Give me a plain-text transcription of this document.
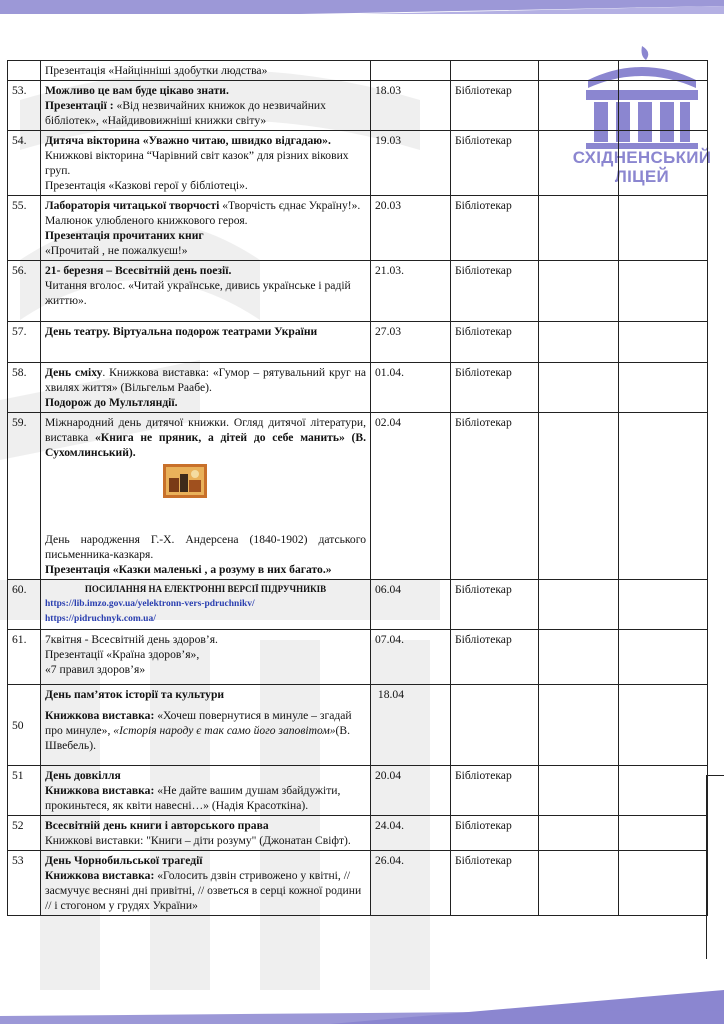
СХІДНЕНСЬКИЙ
ЛІЦЕЙ
	Презентація «Найцінніші здобутки людства»				
53.	Можливо це вам буде цікаво знати.
Презентації : «Від незвичайних книжок до незвичайних бібліотек», «Найдивовижніші книжки світу»	18.03	Бібліотекар		
54.	Дитяча вікторина «Уважно читаю, швидко відгадаю». Книжкові вікторина “Чарівний світ казок” для різних вікових груп.
Презентація «Казкові герої у бібліотеці».	19.03	Бібліотекар		
55.	Лабораторія читацької творчості «Творчість єднає Україну!». Малюнок улюбленого книжкового героя.
Презентація прочитаних книг
«Прочитай , не пожалкуєш!»	20.03	Бібліотекар		
56.	21- березня – Всесвітній день поезії.
Читання вголос. «Читай українське, дивись українське і радій життю».	21.03.	Бібліотекар		
57.	День театру. Віртуальна подорож театрами України	27.03	Бібліотекар		
58.	День сміху. Книжкова виставка: «Гумор – рятувальний круг на хвилях життя» (Вільгельм Раабе).
Подорож до Мультляндії.	01.04.	Бібліотекар		
59.	Міжнародний день дитячої книжки. Огляд дитячої літератури, виставка «Книга не пряник, а дітей до себе манить» (В. Сухомлинський).
День народження Г.-Х. Андерсена (1840-1902) датського письменника-казкаря.
Презентація «Казки маленькі , а розуму в них багато.»	02.04	Бібліотекар		
60.	ПОСИЛАННЯ НА ЕЛЕКТРОННІ ВЕРСІЇ ПІДРУЧНИКІВ
https://lib.imzo.gov.ua/yelektronn-vers-pdruchnikv/
https://pidruchnyk.com.ua/	06.04	Бібліотекар		
61.	7квітня - Всесвітній день здоров’я.
Презентації «Країна здоров’я»,
«7 правил здоров’я»	07.04.	Бібліотекар		
50	День пам’яток історії та культури

Книжкова виставка: «Хочеш повернутися в минуле – згадай про минуле», «Історія народу є так само його заповітом»(В. Швебель).	18.04			
51	День довкілля
Книжкова виставка: «Не дайте вашим душам збайдужіти, прокиньтеся, як квіти навесні…» (Надія Красоткіна).	20.04	Бібліотекар		
52	Всесвітній день книги і авторського права
Книжкові виставки: "Книги – діти розуму" (Джонатан Свіфт).	24.04.	Бібліотекар		
53	День Чорнобильської трагедії
Книжкова виставка: «Голосить дзвін стривожено у квітні, // засмучує весняні дні привітні, // озветься в серці кожної родини // і стогоном у грудях України»	26.04.	Бібліотекар		
